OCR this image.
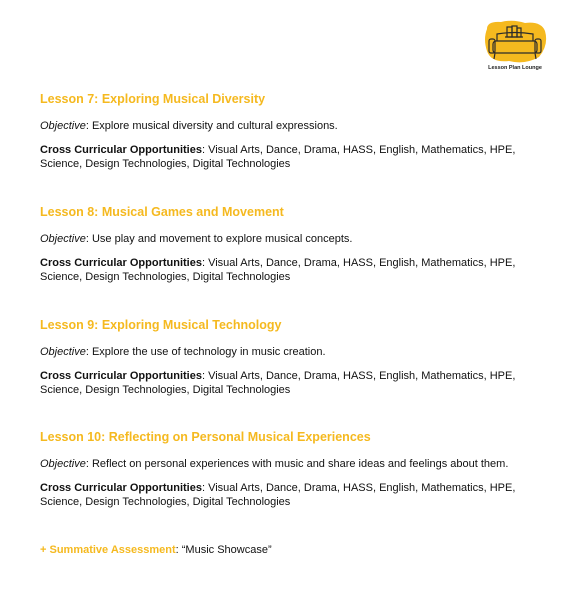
Lesson Plan Lounge

Lesson 7: Exploring Musical Diversity

Objective: Explore musical diversity and cultural expressions.

Cross Curricular Opportunities: Visual Arts, Dance, Drama, HASS, English, Mathematics, HPE, Science, Design Technologies, Digital Technologies

Lesson 8: Musical Games and Movement

Objective: Use play and movement to explore musical concepts.

Cross Curricular Opportunities: Visual Arts, Dance, Drama, HASS, English, Mathematics, HPE, Science, Design Technologies, Digital Technologies

Lesson 9: Exploring Musical Technology

Objective: Explore the use of technology in music creation.

Cross Curricular Opportunities: Visual Arts, Dance, Drama, HASS, English, Mathematics, HPE, Science, Design Technologies, Digital Technologies

Lesson 10: Reflecting on Personal Musical Experiences

Objective: Reflect on personal experiences with music and share ideas and feelings about them.

Cross Curricular Opportunities: Visual Arts, Dance, Drama, HASS, English, Mathematics, HPE, Science, Design Technologies, Digital Technologies

+ Summative Assessment: “Music Showcase”
